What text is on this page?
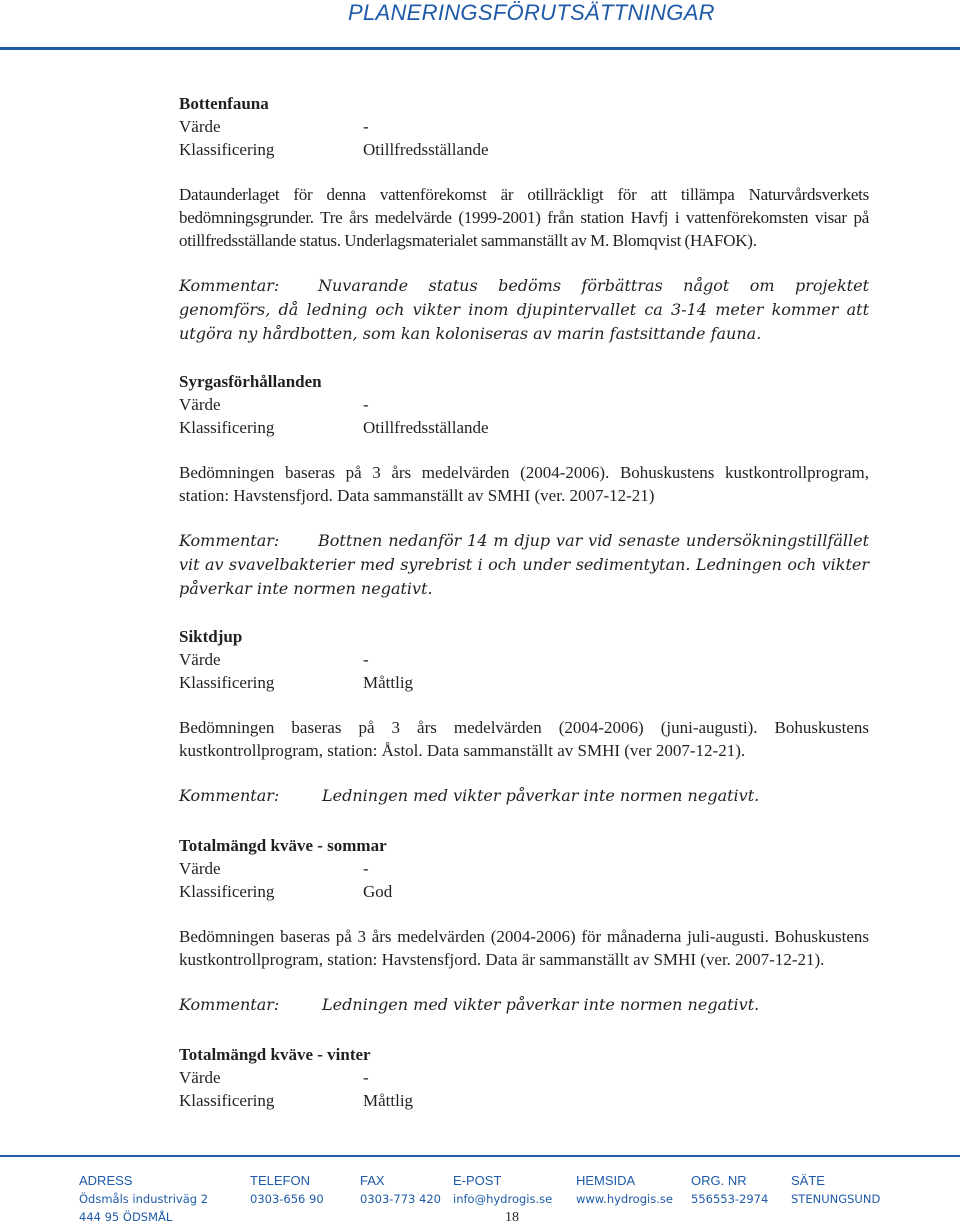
PLANERINGSFÖRUTSÄTTNINGAR
Bottenfauna
Värde	-
Klassificering	Otillfredsställande
Dataunderlaget för denna vattenförekomst är otillräckligt för att tillämpa Naturvårdsverkets bedömningsgrunder. Tre års medelvärde (1999-2001) från station Havfj i vattenförekomsten visar på otillfredsställande status. Underlagsmaterialet sammanställt av M. Blomqvist (HAFOK).
Kommentar: Nuvarande status bedöms förbättras något om projektet genomförs, då ledning och vikter inom djupintervallet ca 3-14 meter kommer att utgöra ny hårdbotten, som kan koloniseras av marin fastsittande fauna.
Syrgasförhållanden
Värde	-
Klassificering	Otillfredsställande
Bedömningen baseras på 3 års medelvärden (2004-2006). Bohuskustens kustkontrollprogram, station: Havstensfjord. Data sammanställt av SMHI (ver. 2007-12-21)
Kommentar: Bottnen nedanför 14 m djup var vid senaste undersökningstillfället vit av svavelbakterier med syrebrist i och under sedimentytan. Ledningen och vikter påverkar inte normen negativt.
Siktdjup
Värde	-
Klassificering	Måttlig
Bedömningen baseras på 3 års medelvärden (2004-2006) (juni-augusti). Bohuskustens kustkontrollprogram, station: Åstol. Data sammanställt av SMHI (ver 2007-12-21).
Kommentar:	Ledningen med vikter påverkar inte normen negativt.
Totalmängd kväve - sommar
Värde	-
Klassificering	God
Bedömningen baseras på 3 års medelvärden (2004-2006) för månaderna juli-augusti. Bohuskustens kustkontrollprogram, station: Havstensfjord. Data är sammanställt av SMHI (ver. 2007-12-21).
Kommentar:	Ledningen med vikter påverkar inte normen negativt.
Totalmängd kväve - vinter
Värde	-
Klassificering	Måttlig
ADRESS
Ödsmåls industriväg 2
444 95 ÖDSMÅL
TELEFON
0303-656 90
FAX
0303-773 420
E-POST
info@hydrogis.se
HEMSIDA
www.hydrogis.se
ORG. NR
556553-2974
SÄTE
STENUNGSUND
18
